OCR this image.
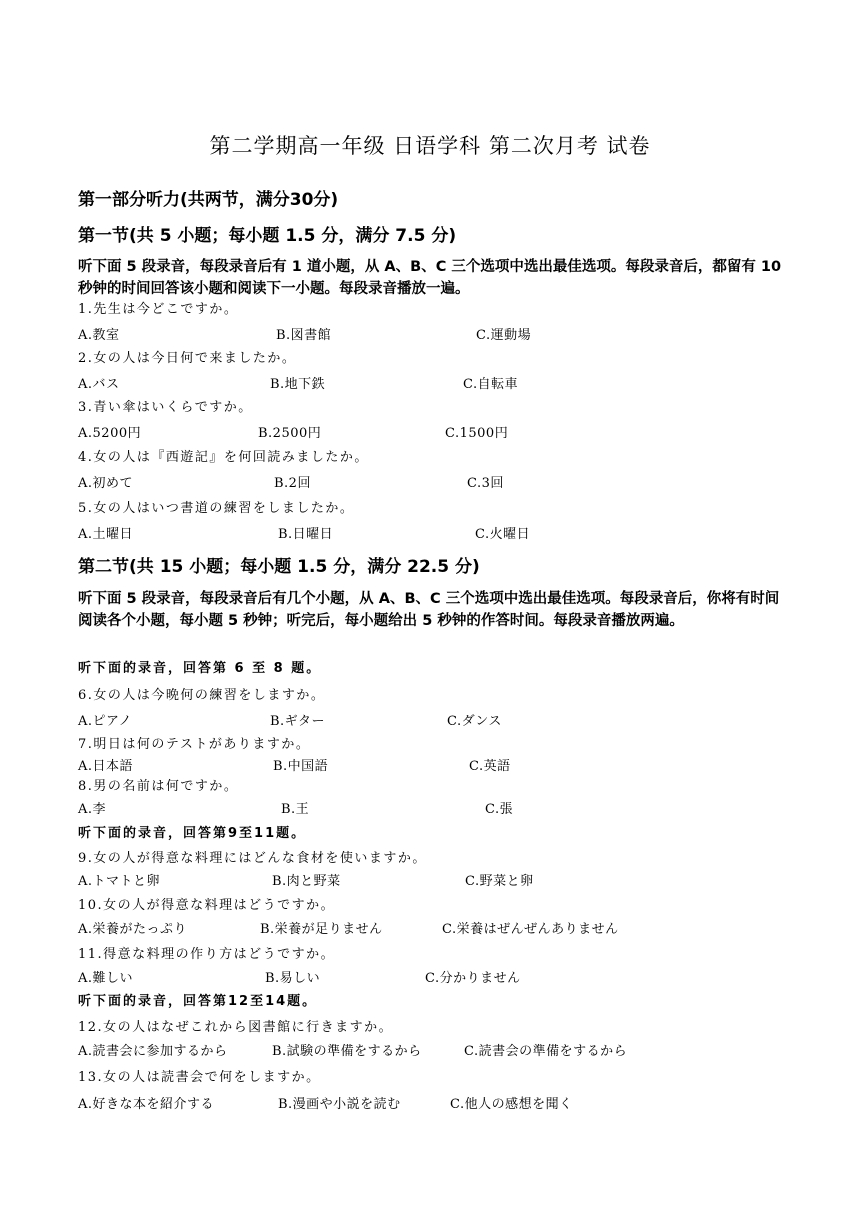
第二学期高一年级 日语学科 第二次月考 试卷
第一部分听力(共两节，满分30分)
第一节(共 5 小题；每小题 1.5 分，满分 7.5 分)
听下面 5 段录音，每段录音后有 1 道小题，从 A、B、C 三个选项中选出最佳选项。每段录音后，都留有 10 秒钟的时间回答该小题和阅读下一小题。每段录音播放一遍。
1.先生は今どこですか。
A.教室	B.図書館	C.運動場
2.女の人は今日何で来ましたか。
A.バス	B.地下鉄	C.自転車
3.青い傘はいくらですか。
A.5200円	B.2500円	C.1500円
4.女の人は『西遊記』を何回読みましたか。
A.初めて	B.2回	C.3回
5.女の人はいつ書道の練習をしましたか。
A.土曜日	B.日曜日	C.火曜日
第二节(共 15 小题；每小题 1.5 分，满分 22.5 分)
听下面 5 段录音，每段录音后有几个小题，从 A、B、C 三个选项中选出最佳选项。每段录音后，你将有时间阅读各个小题，每小题 5 秒钟；听完后，每小题给出 5 秒钟的作答时间。每段录音播放两遍。
听下面的录音，回答第 6 至 8 题。
6.女の人は今晩何の練習をしますか。
A.ピアノ	B.ギター	C.ダンス
7.明日は何のテストがありますか。
A.日本語	B.中国語	C.英語
8.男の名前は何ですか。
A.李	B.王	C.張
听下面的录音，回答第9至11题。
9.女の人が得意な料理にはどんな食材を使いますか。
A.トマトと卵	B.肉と野菜	C.野菜と卵
10.女の人が得意な料理はどうですか。
A.栄養がたっぷり	B.栄養が足りません	C.栄養はぜんぜんありません
11.得意な料理の作り方はどうですか。
A.難しい	B.易しい	C.分かりません
听下面的录音，回答第12至14题。
12.女の人はなぜこれから図書館に行きますか。
A.読書会に参加するから	B.試験の準備をするから	C.読書会の準備をするから
13.女の人は読書会で何をしますか。
A.好きな本を紹介する	B.漫画や小説を読む	C.他人の感想を聞く
